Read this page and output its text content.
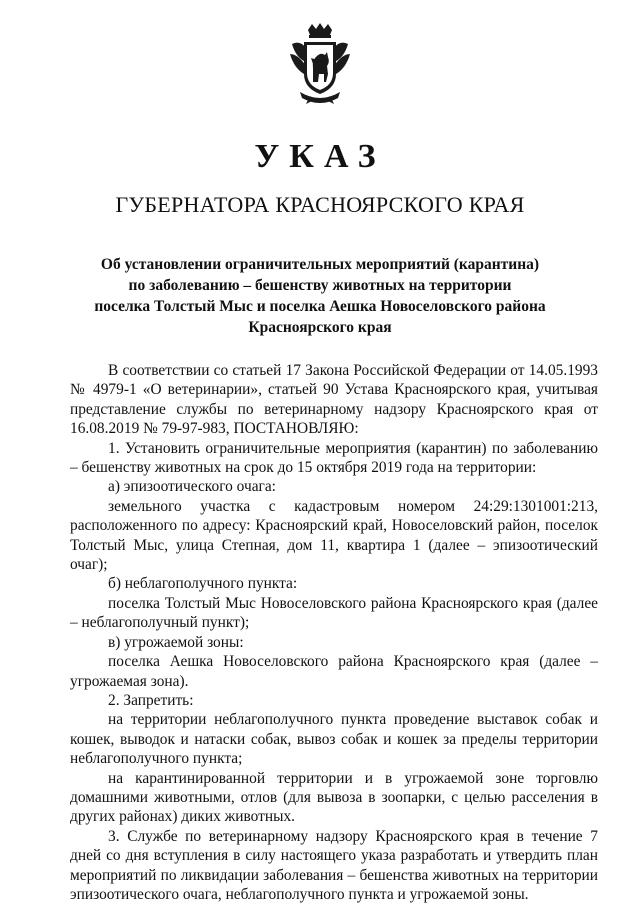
УКАЗ
ГУБЕРНАТОРА КРАСНОЯРСКОГО КРАЯ
Об установлении ограничительных мероприятий (карантина)
по заболеванию – бешенству животных на территории
поселка Толстый Мыс и поселка Аешка Новоселовского района
Красноярского края

В соответствии со статьей 17 Закона Российской Федерации от 14.05.1993 № 4979-1 «О ветеринарии», статьей 90 Устава Красноярского края, учитывая представление службы по ветеринарному надзору Красноярского края от 16.08.2019 № 79-97-983, ПОСТАНОВЛЯЮ:

1. Установить ограничительные мероприятия (карантин) по заболеванию – бешенству животных на срок до 15 октября 2019 года на территории:

а) эпизоотического очага:

земельного участка с кадастровым номером 24:29:1301001:213, расположенного по адресу: Красноярский край, Новоселовский район, поселок Толстый Мыс, улица Степная, дом 11, квартира 1 (далее – эпизоотический очаг);

б) неблагополучного пункта:

поселка Толстый Мыс Новоселовского района Красноярского края (далее – неблагополучный пункт);

в) угрожаемой зоны:

поселка Аешка Новоселовского района Красноярского края (далее – угрожаемая зона).

2. Запретить:

на территории неблагополучного пункта проведение выставок собак и кошек, выводок и натаски собак, вывоз собак и кошек за пределы территории неблагополучного пункта;

на карантинированной территории и в угрожаемой зоне торговлю домашними животными, отлов (для вывоза в зоопарки, с целью расселения в других районах) диких животных.

3. Службе по ветеринарному надзору Красноярского края в течение 7 дней со дня вступления в силу настоящего указа разработать и утвердить план мероприятий по ликвидации заболевания – бешенства животных на территории эпизоотического очага, неблагополучного пункта и угрожаемой зоны.
